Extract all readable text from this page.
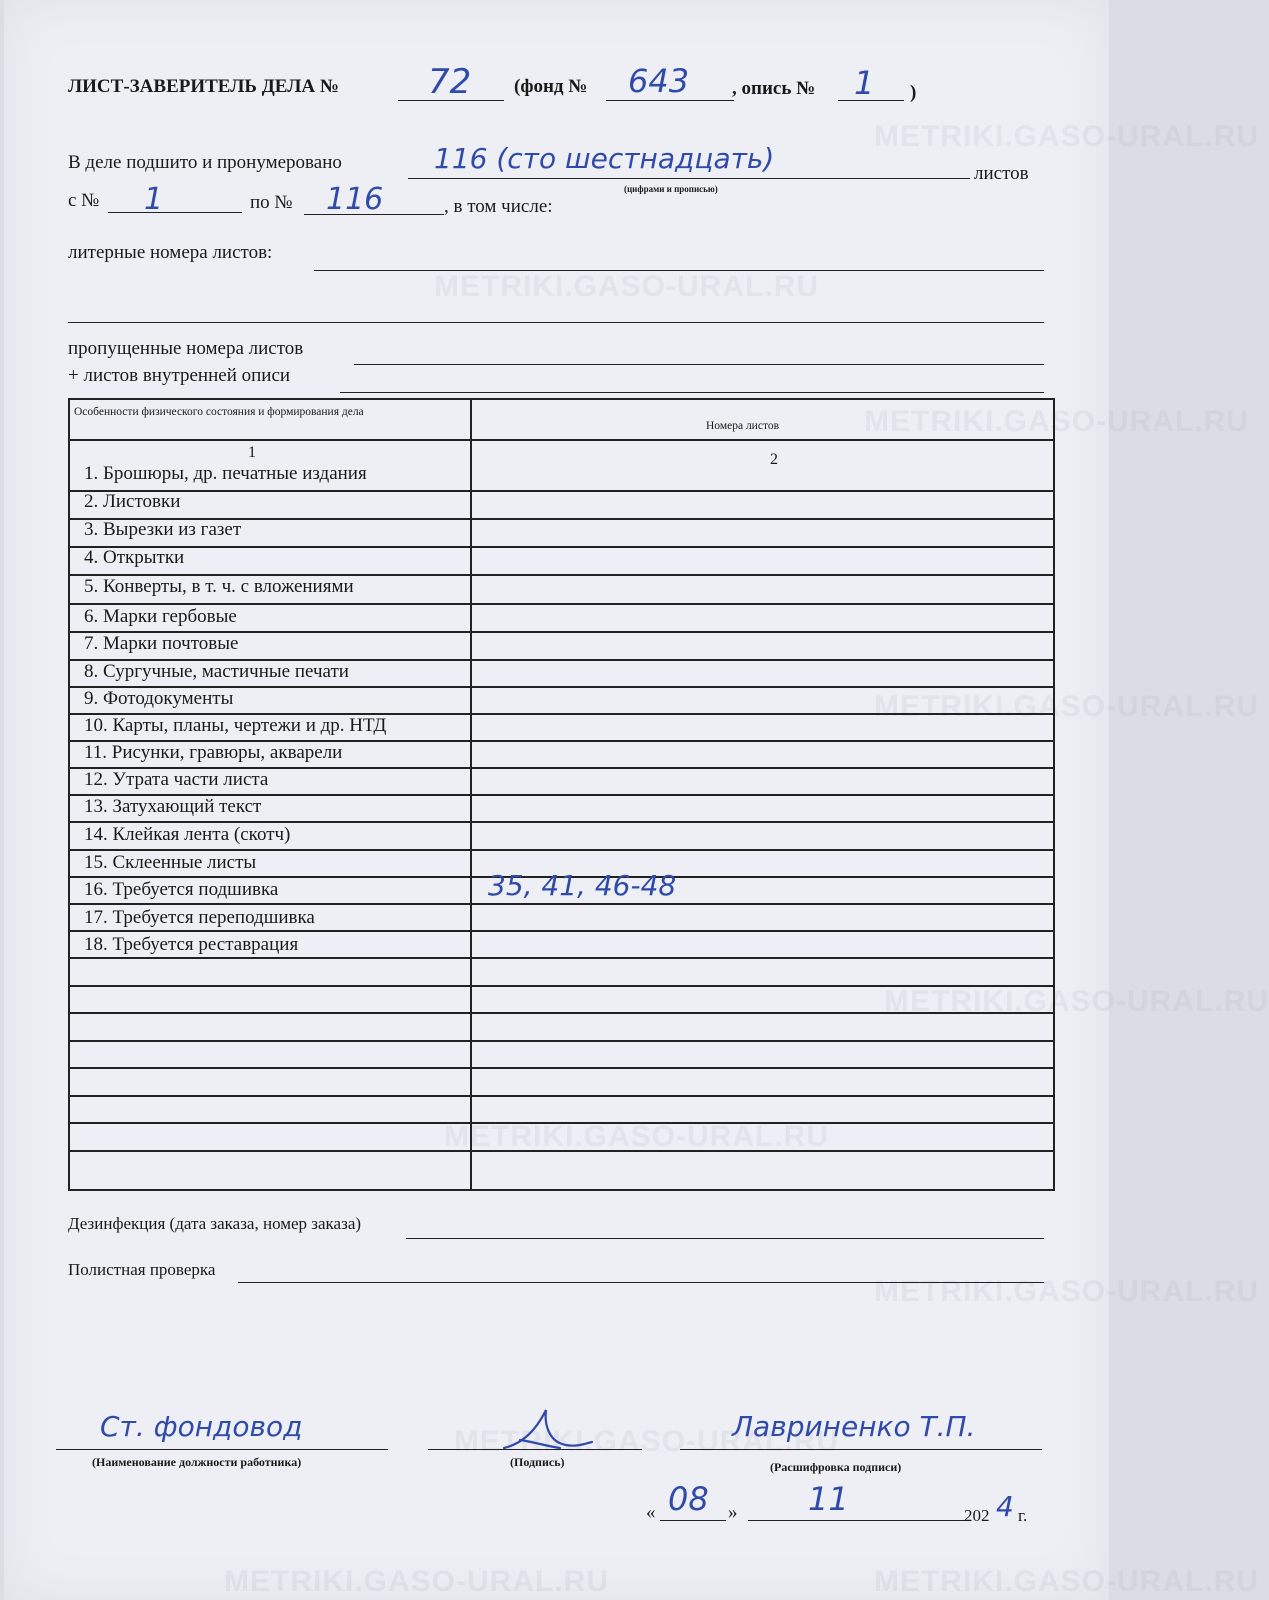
METRIKI.GASO-URAL.RU
METRIKI.GASO-URAL.RU
METRIKI.GASO-URAL.RU
METRIKI.GASO-URAL.RU
METRIKI.GASO-URAL.RU
METRIKI.GASO-URAL.RU
METRIKI.GASO-URAL.RU
METRIKI.GASO-URAL.RU
METRIKI.GASO-URAL.RU	METRIKI.GASO-URAL.RU
ЛИСТ-ЗАВЕРИТЕЛЬ ДЕЛА №	72 (фонд № 643 , опись № 1 )
В деле подшито и пронумеровано	116 (сто шестнадцать)
(цифрами и прописью)
листов
с № 1	по № 116	, в том числе:
литерные номера листов:
пропущенные номера листов
+ листов внутренней описи
Особенности физического состояния и формирования дела
Номера листов
1	2
Дезинфекция (дата заказа, номер заказа)
Полистная проверка
Ст. фондовод
(Наименование должности работника)	(Подпись)
Лавриненко Т.П.
(Расшифровка подписи)
« 08 » 11	202 4 г.
1. Брошюры, др. печатные издания
2. Листовки
3. Вырезки из газет
4. Открытки
5. Конверты, в т. ч. с вложениями
6. Марки гербовые
7. Марки почтовые
8. Сургучные, мастичные печати
9. Фотодокументы
10. Карты, планы, чертежи и др. НТД
11. Рисунки, гравюры, акварели
12. Утрата части листа
13. Затухающий текст
14. Клейкая лента (скотч)
15. Склеенные листы
16. Требуется подшивка	35, 41, 46-48
17. Требуется переподшивка
18. Требуется реставрация
